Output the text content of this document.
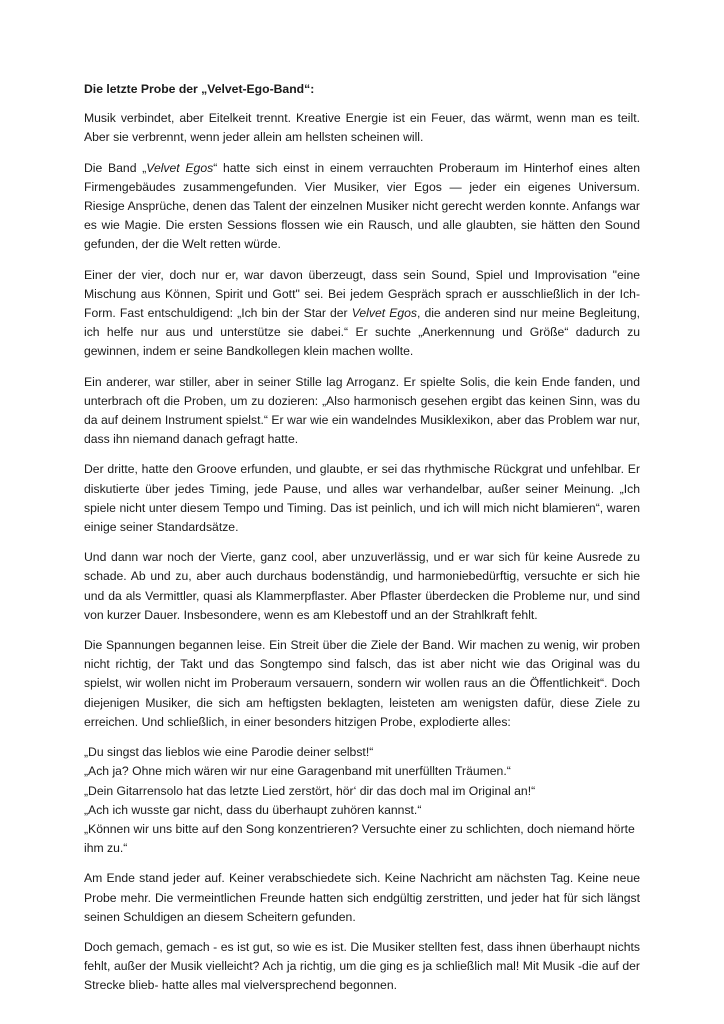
Die letzte Probe der „Velvet-Ego-Band“:

Musik verbindet, aber Eitelkeit trennt. Kreative Energie ist ein Feuer, das wärmt, wenn man es teilt. Aber sie verbrennt, wenn jeder allein am hellsten scheinen will.

Die Band „Velvet Egos“ hatte sich einst in einem verrauchten Proberaum im Hinterhof eines alten Firmengebäudes zusammengefunden. Vier Musiker, vier Egos — jeder ein eigenes Universum. Riesige Ansprüche, denen das Talent der einzelnen Musiker nicht gerecht werden konnte. Anfangs war es wie Magie. Die ersten Sessions flossen wie ein Rausch, und alle glaubten, sie hätten den Sound gefunden, der die Welt retten würde.

Einer der vier, doch nur er, war davon überzeugt, dass sein Sound, Spiel und Improvisation "eine Mischung aus Können, Spirit und Gott" sei. Bei jedem Gespräch sprach er ausschließlich in der Ich-Form. Fast entschuldigend: „Ich bin der Star der Velvet Egos, die anderen sind nur meine Begleitung, ich helfe nur aus und unterstütze sie dabei.“ Er suchte „Anerkennung und Größe“ dadurch zu gewinnen, indem er seine Bandkollegen klein machen wollte.

Ein anderer, war stiller, aber in seiner Stille lag Arroganz. Er spielte Solis, die kein Ende fanden, und unterbrach oft die Proben, um zu dozieren: „Also harmonisch gesehen ergibt das keinen Sinn, was du da auf deinem Instrument spielst.“ Er war wie ein wandelndes Musiklexikon, aber das Problem war nur, dass ihn niemand danach gefragt hatte.

Der dritte, hatte den Groove erfunden, und glaubte, er sei das rhythmische Rückgrat und unfehlbar. Er diskutierte über jedes Timing, jede Pause, und alles war verhandelbar, außer seiner Meinung. „Ich spiele nicht unter diesem Tempo und Timing. Das ist peinlich, und ich will mich nicht blamieren“, waren einige seiner Standardsätze.

Und dann war noch der Vierte, ganz cool, aber unzuverlässig, und er war sich für keine Ausrede zu schade. Ab und zu, aber auch durchaus bodenständig, und harmoniebedürftig, versuchte er sich hie und da als Vermittler, quasi als Klammerpflaster. Aber Pflaster überdecken die Probleme nur, und sind von kurzer Dauer. Insbesondere, wenn es am Klebestoff und an der Strahlkraft fehlt.

Die Spannungen begannen leise. Ein Streit über die Ziele der Band. Wir machen zu wenig, wir proben nicht richtig, der Takt und das Songtempo sind falsch, das ist aber nicht wie das Original was du spielst, wir wollen nicht im Proberaum versauern, sondern wir wollen raus an die Öffentlichkeit“. Doch diejenigen Musiker, die sich am heftigsten beklagten, leisteten am wenigsten dafür, diese Ziele zu erreichen. Und schließlich, in einer besonders hitzigen Probe, explodierte alles:

„Du singst das lieblos wie eine Parodie deiner selbst!“

„Ach ja? Ohne mich wären wir nur eine Garagenband mit unerfüllten Träumen.“

„Dein Gitarrensolo hat das letzte Lied zerstört, hör‘ dir das doch mal im Original an!“

„Ach ich wusste gar nicht, dass du überhaupt zuhören kannst.“

„Können wir uns bitte auf den Song konzentrieren? Versuchte einer zu schlichten, doch niemand hörte ihm zu.“

Am Ende stand jeder auf. Keiner verabschiedete sich. Keine Nachricht am nächsten Tag. Keine neue Probe mehr. Die vermeintlichen Freunde hatten sich endgültig zerstritten, und jeder hat für sich längst seinen Schuldigen an diesem Scheitern gefunden.

Doch gemach, gemach - es ist gut, so wie es ist. Die Musiker stellten fest, dass ihnen überhaupt nichts fehlt, außer der Musik vielleicht? Ach ja richtig, um die ging es ja schließlich mal! Mit Musik -die auf der Strecke blieb- hatte alles mal vielversprechend begonnen.
